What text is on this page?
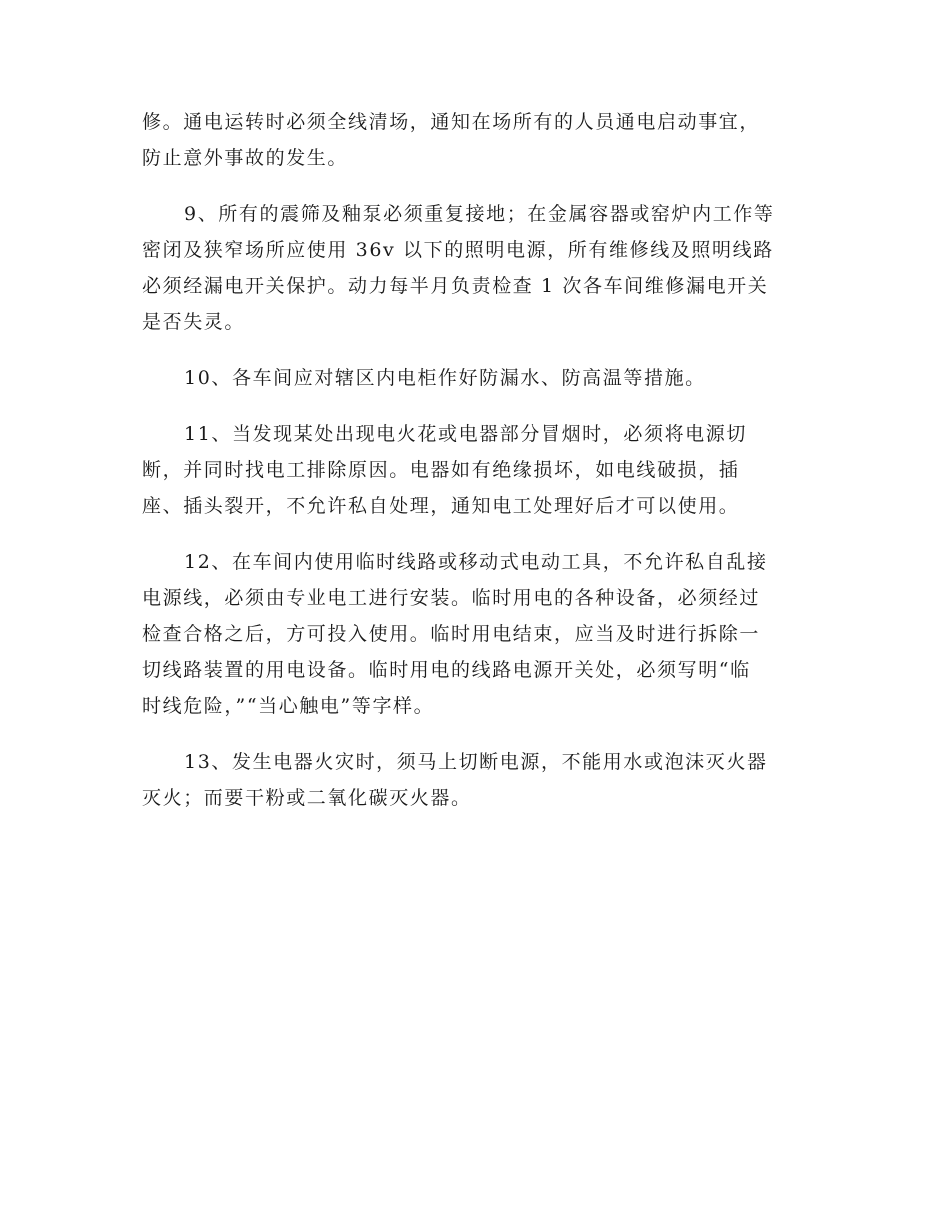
修。通电运转时必须全线清场，通知在场所有的人员通电启动事宜，
防止意外事故的发生。

9、所有的震筛及釉泵必须重复接地；在金属容器或窑炉内工作等
密闭及狭窄场所应使用 36v 以下的照明电源，所有维修线及照明线路
必须经漏电开关保护。动力每半月负责检查 1 次各车间维修漏电开关
是否失灵。

10、各车间应对辖区内电柜作好防漏水、防高温等措施。

11、当发现某处出现电火花或电器部分冒烟时，必须将电源切
断，并同时找电工排除原因。电器如有绝缘损坏，如电线破损，插
座、插头裂开，不允许私自处理，通知电工处理好后才可以使用。

12、在车间内使用临时线路或移动式电动工具，不允许私自乱接
电源线，必须由专业电工进行安装。临时用电的各种设备，必须经过
检查合格之后，方可投入使用。临时用电结束，应当及时进行拆除一
切线路装置的用电设备。临时用电的线路电源开关处，必须写明“临
时线危险，”“当心触电”等字样。

13、发生电器火灾时，须马上切断电源，不能用水或泡沫灭火器
灭火；而要干粉或二氧化碳灭火器。
